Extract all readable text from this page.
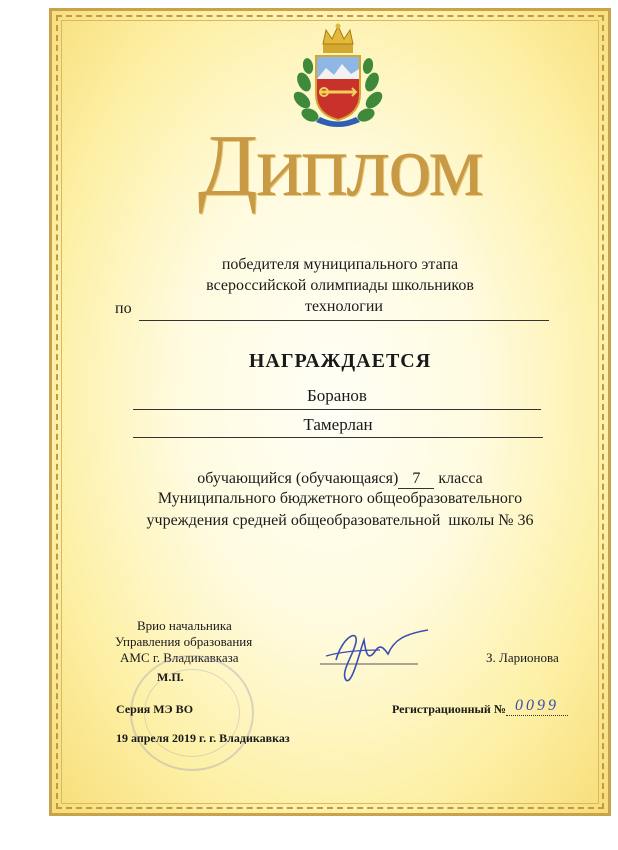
Диплом
победителя муниципального этапа
всероссийской олимпиады школьников
по	технологии
НАГРАЖДАЕТСЯ
Боранов
Тамерлан
обучающийся (обучающаяся) 7 класса
Муниципального бюджетного общеобразовательного
учреждения средней общеобразовательной  школы № 36
Врио начальника
Управления образования
АМС г. Владикавказа
М.П.
З. Ларионова
Серия МЭ ВО	Регистрационный № 0099
19 апреля 2019 г. г. Владикавказ
